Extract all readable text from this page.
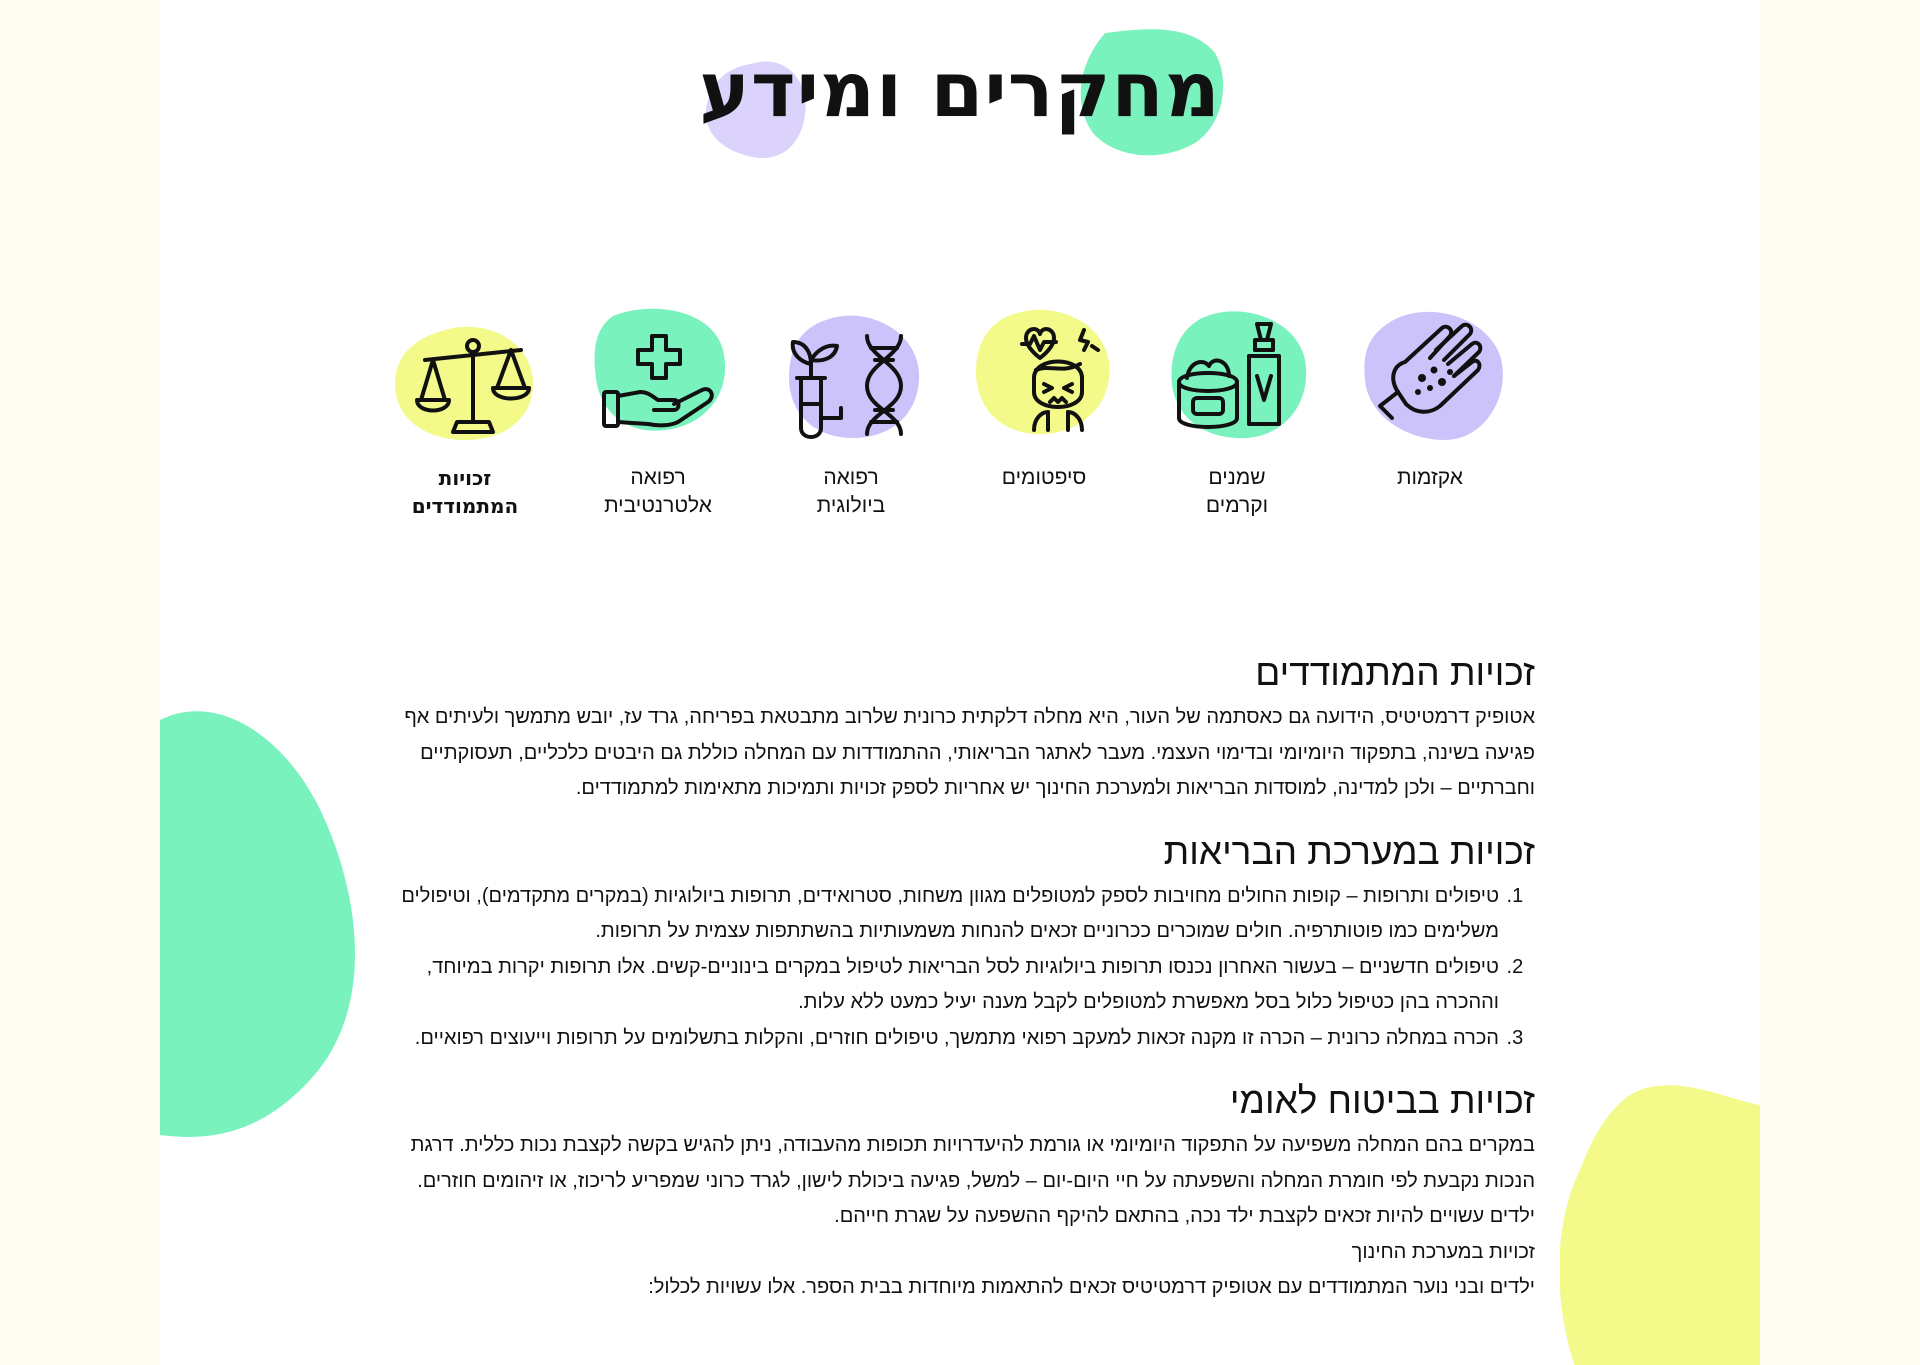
מחקרים ומידע
אקזמות
שמנים
וקרמים
סיפטומים
רפואה
ביולוגית
רפואה
אלטרנטיבית
זכויות
המתמודדים
זכויות המתמודדים

אטופיק דרמטיטיס, הידועה גם כאסתמה של העור, היא מחלה דלקתית כרונית שלרוב מתבטאת בפריחה, גרד עז, יובש מתמשך ולעיתים אף פגיעה בשינה, בתפקוד היומיומי ובדימוי העצמי. מעבר לאתגר הבריאותי, ההתמודדות עם המחלה כוללת גם היבטים כלכליים, תעסוקתיים וחברתיים – ולכן למדינה, למוסדות הבריאות ולמערכת החינוך יש אחריות לספק זכויות ותמיכות מתאימות למתמודדים.

זכויות במערכת הבריאות
1. טיפולים ותרופות – קופות החולים מחויבות לספק למטופלים מגוון משחות, סטרואידים, תרופות ביולוגיות (במקרים מתקדמים), וטיפולים משלימים כמו פוטותרפיה. חולים שמוכרים ככרוניים זכאים להנחות משמעותיות בהשתתפות עצמית על תרופות.
2. טיפולים חדשניים – בעשור האחרון נכנסו תרופות ביולוגיות לסל הבריאות לטיפול במקרים בינוניים-קשים. אלו תרופות יקרות במיוחד, וההכרה בהן כטיפול כלול בסל מאפשרת למטופלים לקבל מענה יעיל כמעט ללא עלות.
3. הכרה במחלה כרונית – הכרה זו מקנה זכאות למעקב רפואי מתמשך, טיפולים חוזרים, והקלות בתשלומים על תרופות וייעוצים רפואיים.
זכויות בביטוח לאומי

במקרים בהם המחלה משפיעה על התפקוד היומיומי או גורמת להיעדרויות תכופות מהעבודה, ניתן להגיש בקשה לקצבת נכות כללית. דרגת הנכות נקבעת לפי חומרת המחלה והשפעתה על חיי היום-יום – למשל, פגיעה ביכולת לישון, לגרד כרוני שמפריע לריכוז, או זיהומים חוזרים. ילדים עשויים להיות זכאים לקצבת ילד נכה, בהתאם להיקף ההשפעה על שגרת חייהם.

זכויות במערכת החינוך

ילדים ובני נוער המתמודדים עם אטופיק דרמטיטיס זכאים להתאמות מיוחדות בבית הספר. אלו עשויות לכלול:
